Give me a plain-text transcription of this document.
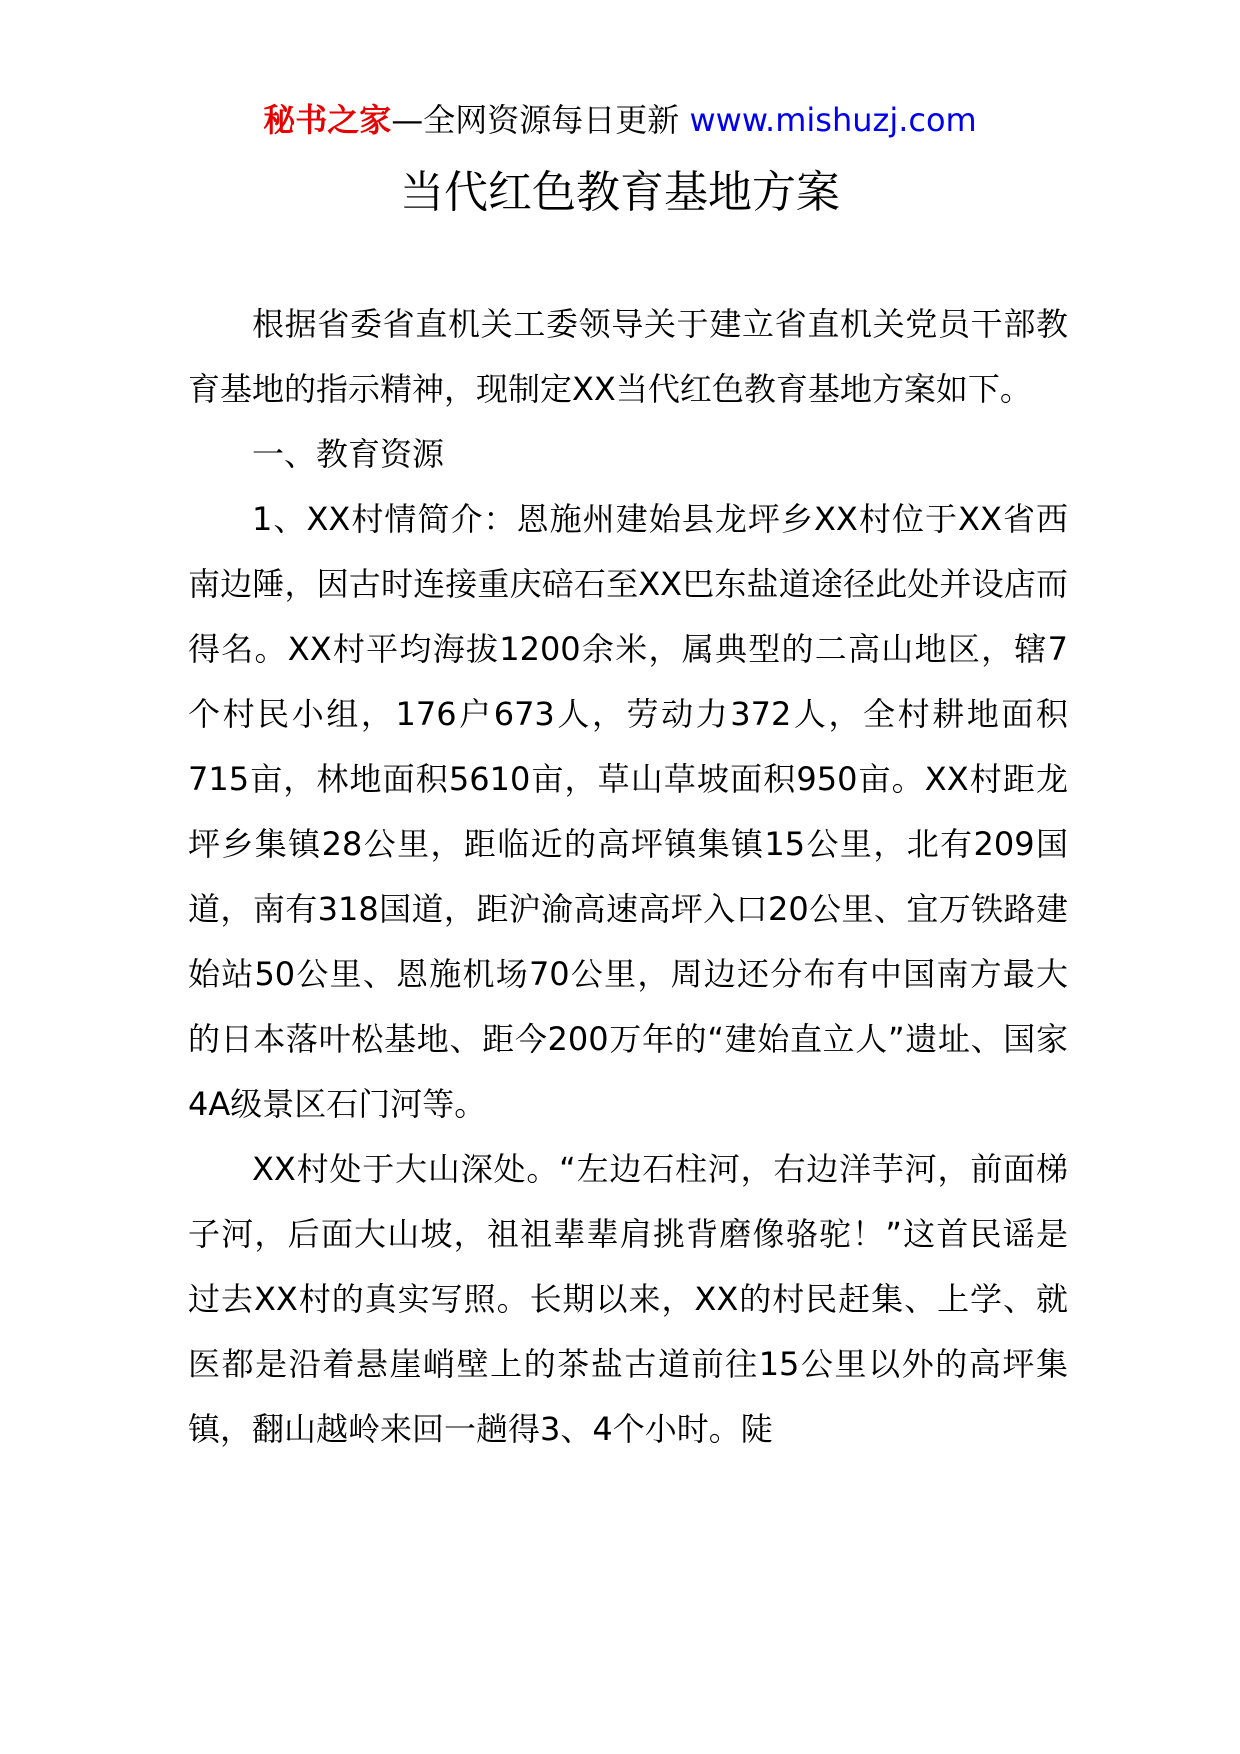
秘书之家—全网资源每日更新 www.mishuzj.com
当代红色教育基地方案

根据省委省直机关工委领导关于建立省直机关党员干部教育基地的指示精神，现制定XX当代红色教育基地方案如下。

一、教育资源

1、XX村情简介：恩施州建始县龙坪乡XX村位于XX省西南边陲，因古时连接重庆碚石至XX巴东盐道途径此处并设店而得名。XX村平均海拔1200余米，属典型的二高山地区，辖7个村民小组，176户673人，劳动力372人，全村耕地面积715亩，林地面积5610亩，草山草坡面积950亩。XX村距龙坪乡集镇28公里，距临近的高坪镇集镇15公里，北有209国道，南有318国道，距沪渝高速高坪入口20公里、宜万铁路建始站50公里、恩施机场70公里，周边还分布有中国南方最大的日本落叶松基地、距今200万年的“建始直立人”遗址、国家4A级景区石门河等。

XX村处于大山深处。“左边石柱河，右边洋芋河，前面梯子河，后面大山坡，祖祖辈辈肩挑背磨像骆驼！”这首民谣是过去XX村的真实写照。长期以来，XX的村民赶集、上学、就医都是沿着悬崖峭壁上的茶盐古道前往15公里以外的高坪集镇，翻山越岭来回一趟得3、4个小时。陡
